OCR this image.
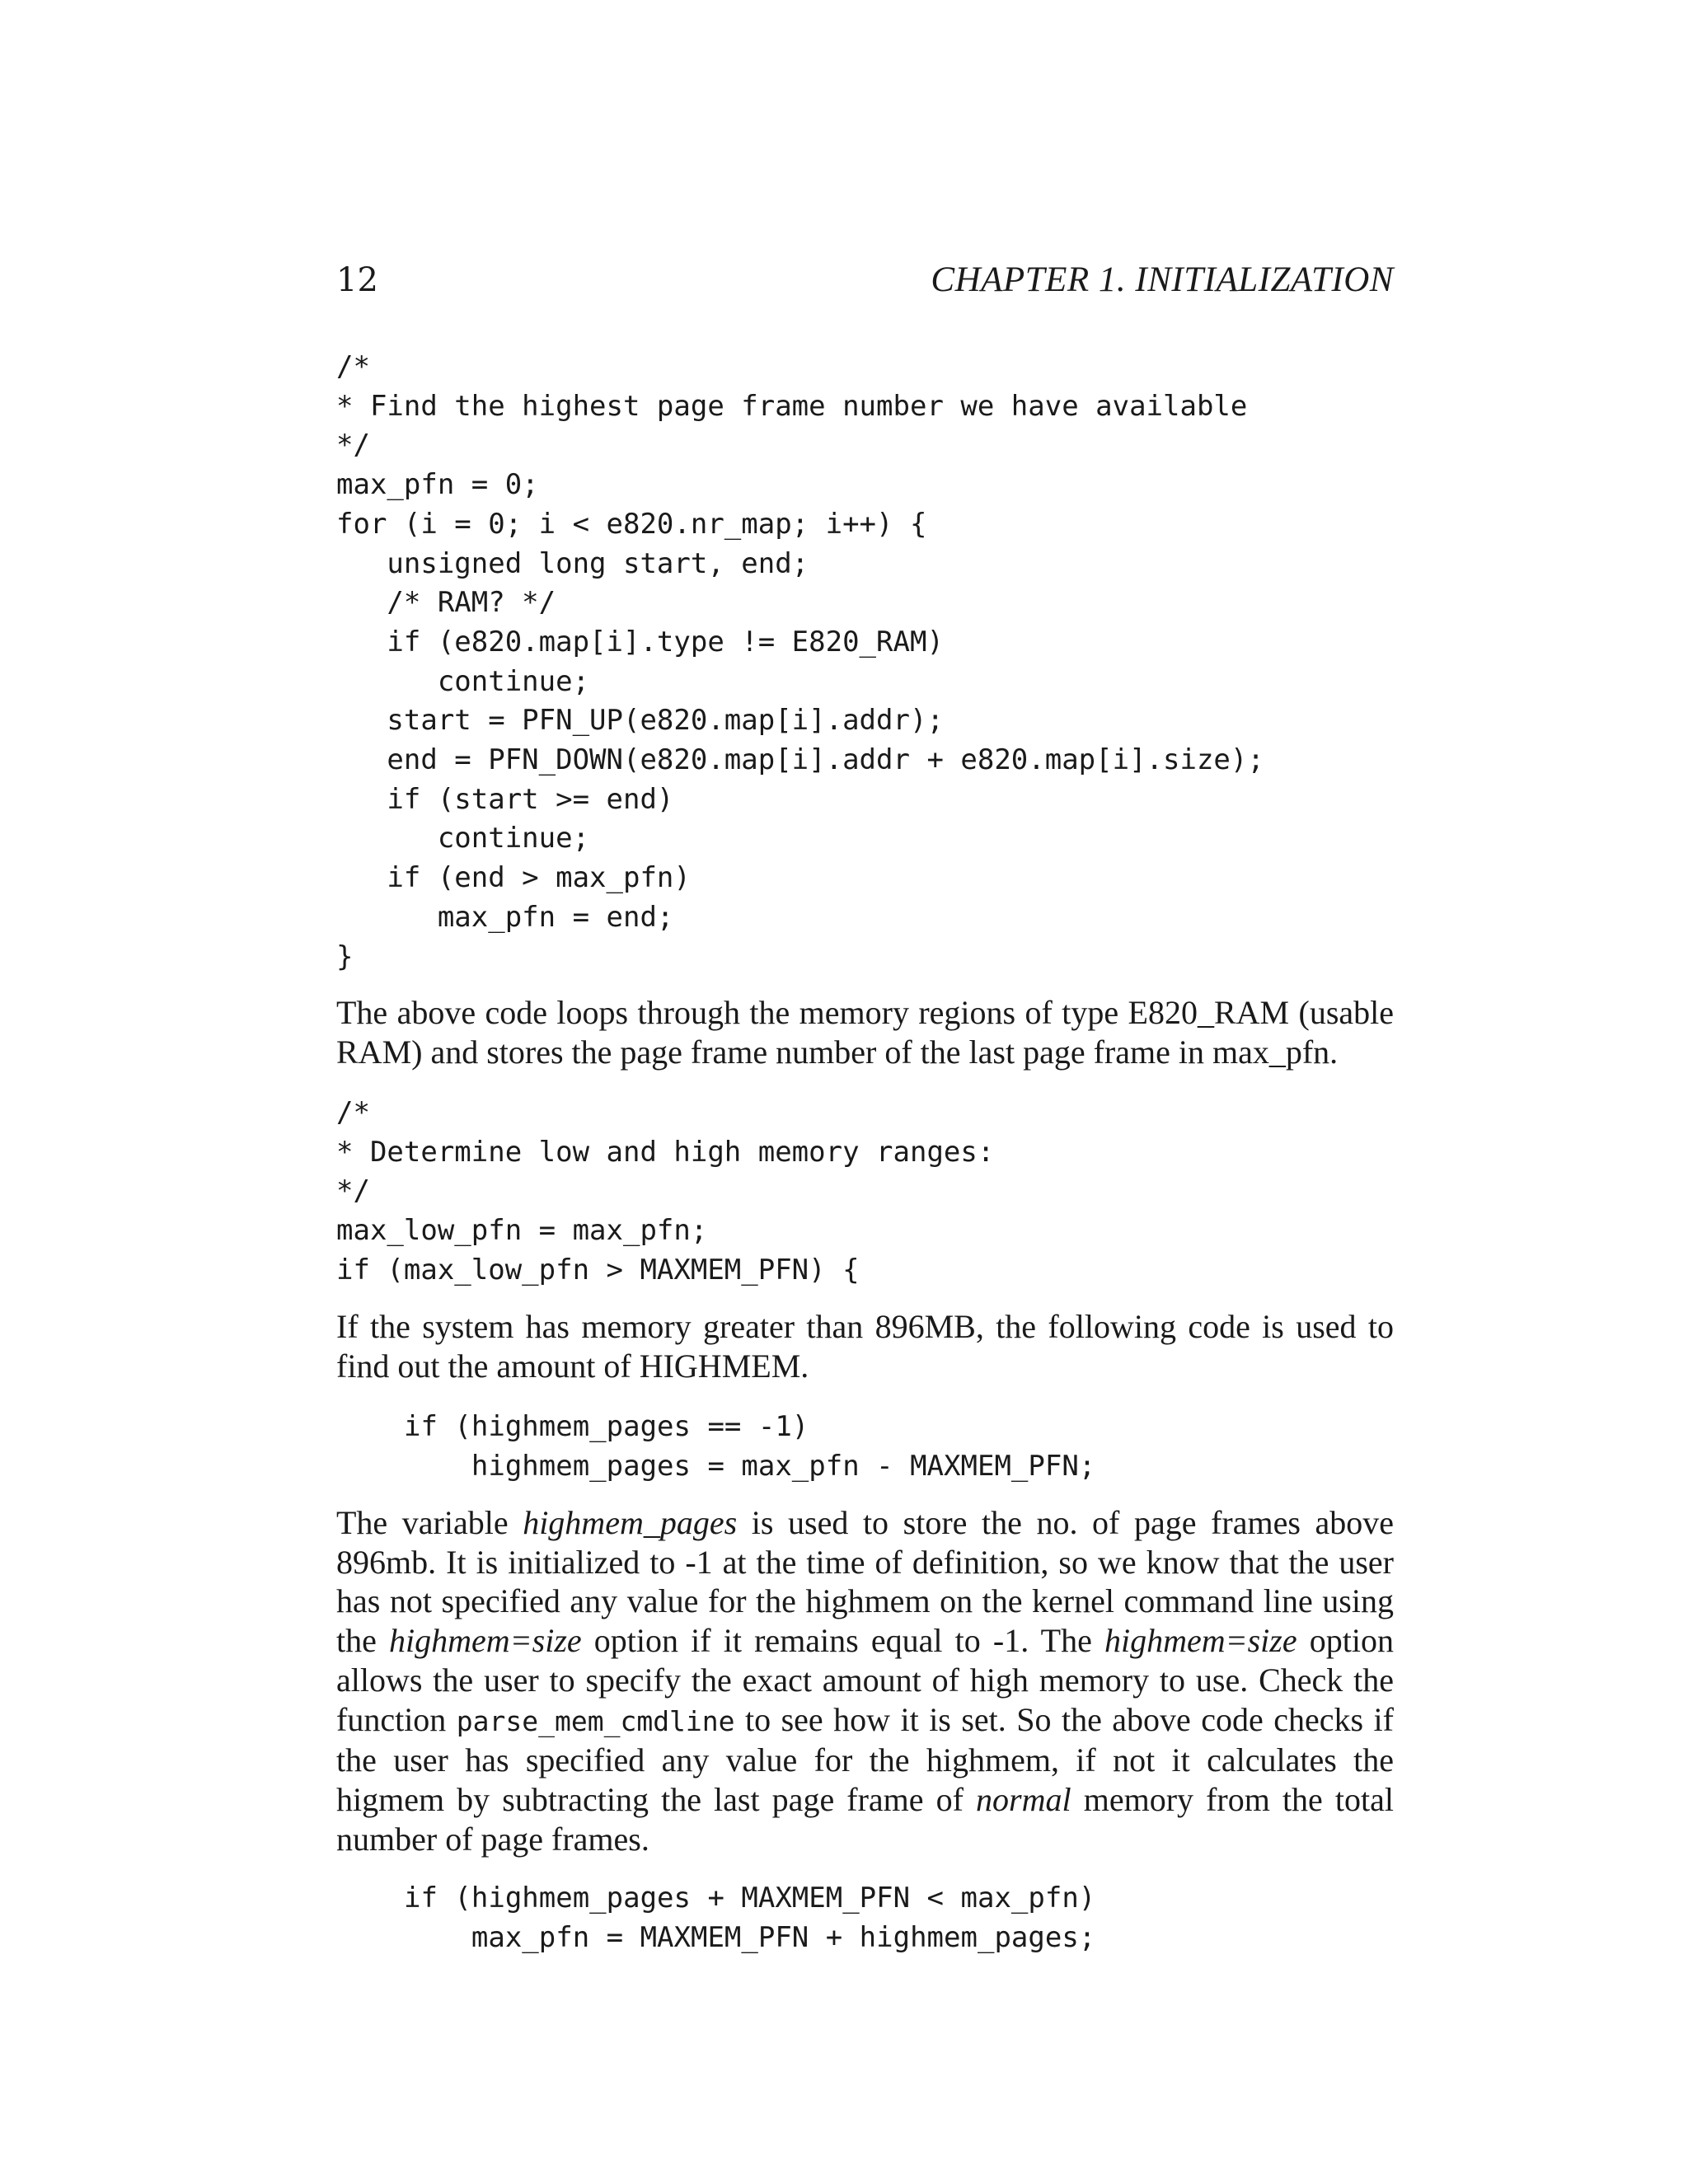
12	CHAPTER 1. INITIALIZATION
/*
* Find the highest page frame number we have available
*/
max_pfn = 0;
for (i = 0; i < e820.nr_map; i++) {
unsigned long start, end;
/* RAM? */
if (e820.map[i].type != E820_RAM)
continue;
start = PFN_UP(e820.map[i].addr);
end = PFN_DOWN(e820.map[i].addr + e820.map[i].size);
if (start >= end)
continue;
if (end > max_pfn)
max_pfn = end;
}

The above code loops through the memory regions of type E820_RAM (usable RAM) and stores the page frame number of the last page frame in max_pfn.

/*
* Determine low and high memory ranges:
*/
max_low_pfn = max_pfn;
if (max_low_pfn > MAXMEM_PFN) {

If the system has memory greater than 896MB, the following code is used to find out the amount of HIGHMEM.

if (highmem_pages == -1)
highmem_pages = max_pfn - MAXMEM_PFN;

The variable highmem_pages is used to store the no. of page frames above 896mb. It is initialized to -1 at the time of definition, so we know that the user has not specified any value for the highmem on the kernel command line using the highmem=size option if it remains equal to -1. The highmem=size option allows the user to specify the exact amount of high memory to use. Check the function parse_mem_cmdline to see how it is set. So the above code checks if the user has specified any value for the highmem, if not it calculates the higmem by subtracting the last page frame of normal memory from the total number of page frames.

if (highmem_pages + MAXMEM_PFN < max_pfn)
max_pfn = MAXMEM_PFN + highmem_pages;
